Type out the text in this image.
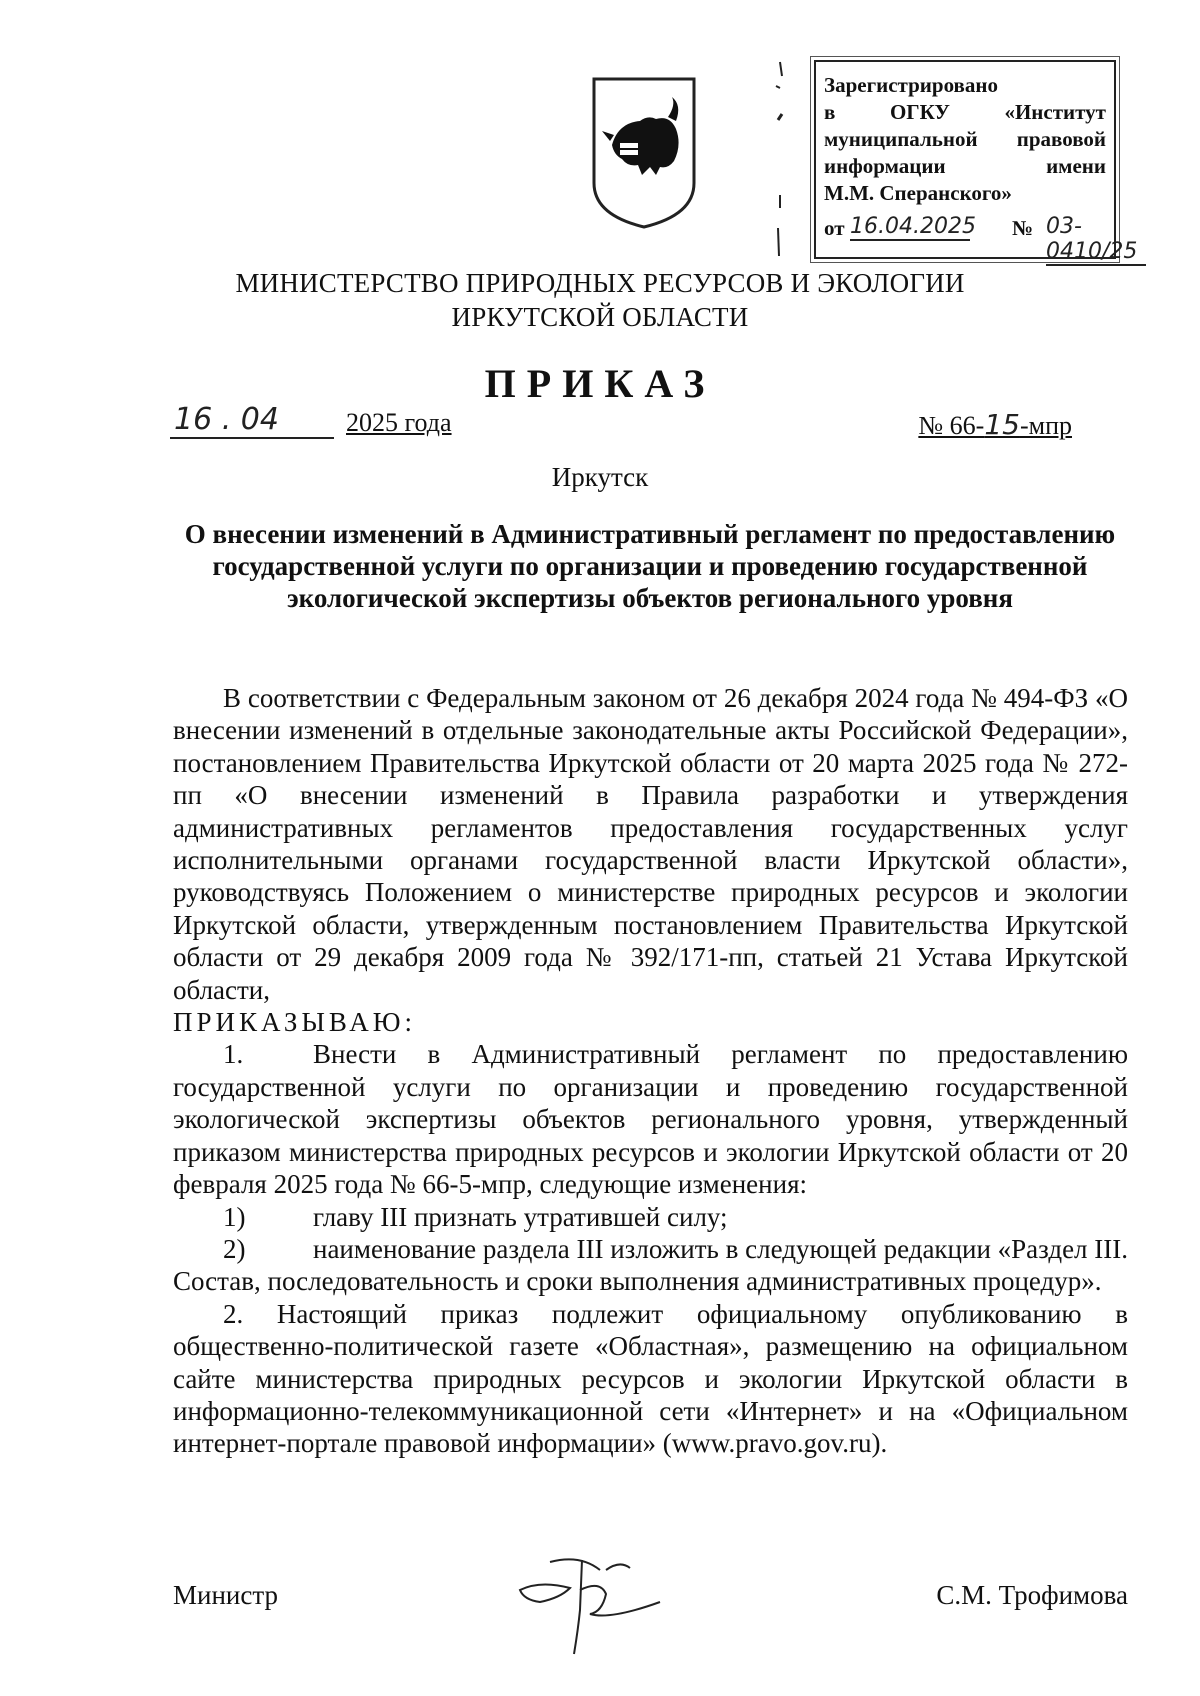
Зарегистрировано
в ОГКУ «Институт
муниципальной правовой
информации имени
М.М. Сперанского»
от 16.04.2025 № 03-0410/25
МИНИСТЕРСТВО ПРИРОДНЫХ РЕСУРСОВ И ЭКОЛОГИИ
ИРКУТСКОЙ ОБЛАСТИ
ПРИКАЗ
16 . 04	2025 года	№ 66-15-мпр
Иркутск
О внесении изменений в Административный регламент по предоставлению государственной услуги по организации и проведению государственной экологической экспертизы объектов регионального уровня

В соответствии с Федеральным законом от 26 декабря 2024 года № 494-ФЗ «О внесении изменений в отдельные законодательные акты Российской Федерации», постановлением Правительства Иркутской области от 20 марта 2025 года № 272-пп «О внесении изменений в Правила разработки и утверждения административных регламентов предоставления государственных услуг исполнительными органами государственной власти Иркутской области», руководствуясь Положением о министерстве природных ресурсов и экологии Иркутской области, утвержденным постановлением Правительства Иркутской области от 29 декабря 2009 года № 392/171-пп, статьей 21 Устава Иркутской области,

ПРИКАЗЫВАЮ:

1.	Внести в Административный регламент по предоставлению государственной услуги по организации и проведению государственной экологической экспертизы объектов регионального уровня, утвержденный приказом министерства природных ресурсов и экологии Иркутской области от 20 февраля 2025 года № 66-5-мпр, следующие изменения:

1)	главу III признать утратившей силу;

2)	наименование раздела III изложить в следующей редакции «Раздел III. Состав, последовательность и сроки выполнения административных процедур».

2. Настоящий приказ подлежит официальному опубликованию в общественно-политической газете «Областная», размещению на официальном сайте министерства природных ресурсов и экологии Иркутской области в информационно-телекоммуникационной сети «Интернет» и на «Официальном интернет-портале правовой информации» (www.pravo.gov.ru).

Министр	С.М. Трофимова
